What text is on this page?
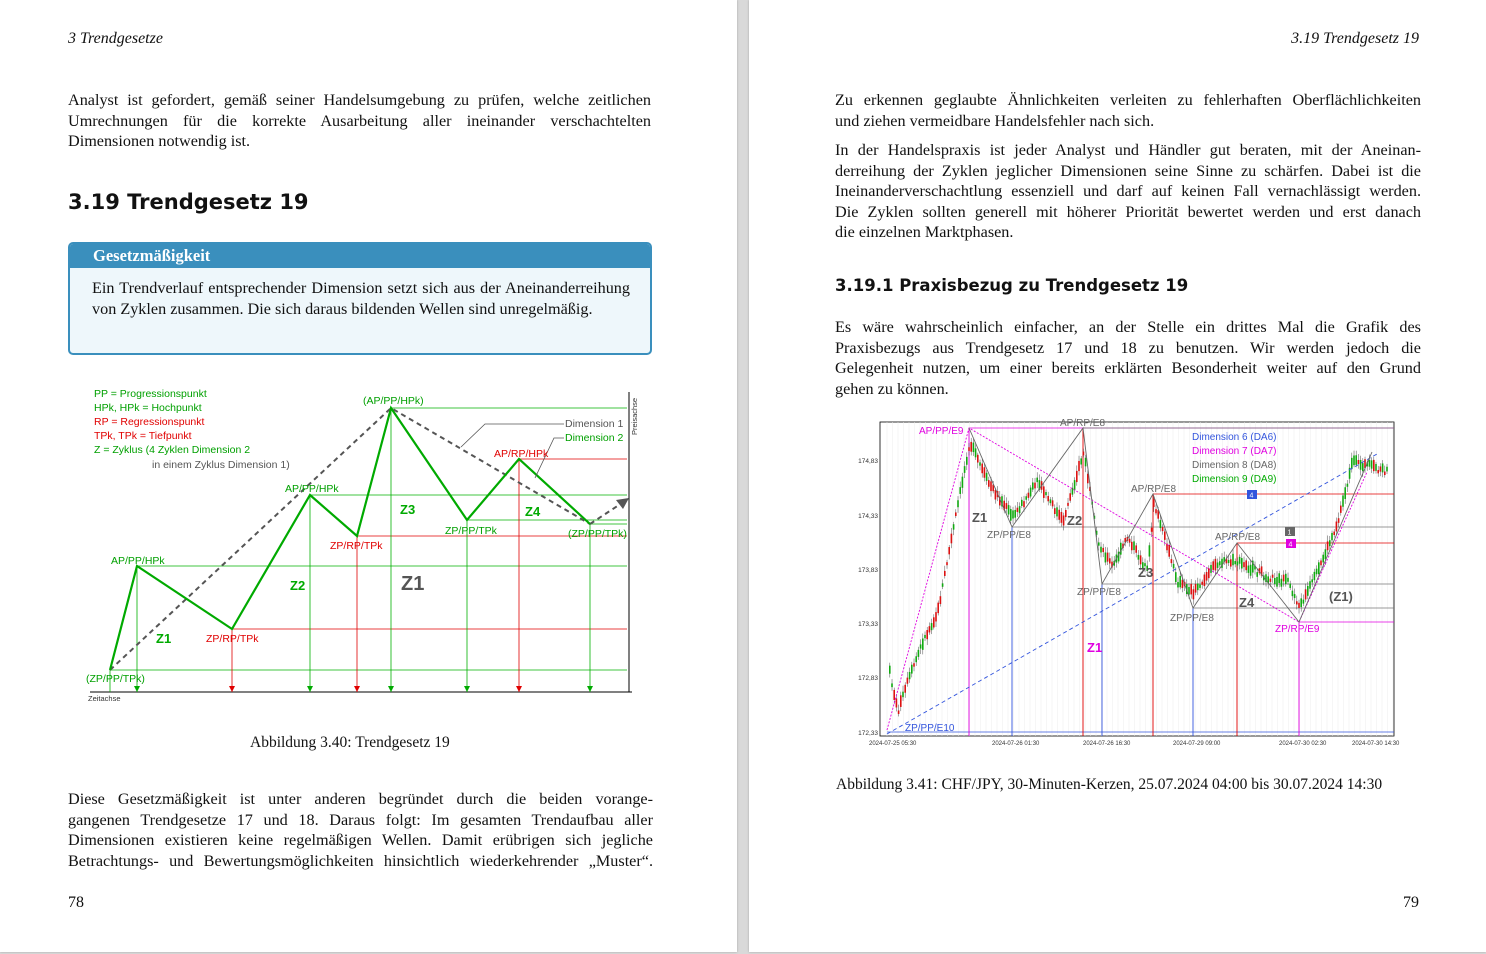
3 Trendgesetze
Analyst ist gefordert, gemäß seiner Handelsumgebung zu prüfen, welche zeitlichen
Umrechnungen für die korrekte Ausarbeitung aller ineinander verschachtelten
Dimensionen notwendig ist.
3.19 Trendgesetz 19
Gesetzmäßigkeit
Ein Trendverlauf entsprechender Dimension setzt sich aus der Aneinanderreihung von Zyklen zusammen. Die sich daraus bildenden Wellen sind unregelmäßig.
PP = Progressionspunkt
HPk, HPk = Hochpunkt
RP = Regressionspunkt
TPk, TPk = Tiefpunkt
Z = Zyklus (4 Zyklen Dimension 2
in einem Zyklus Dimension 1)
Zeitachse
Preisachse
Dimension 1
Dimension 2
(ZP/PP/TPk)
AP/PP/HPk
ZP/RP/TPk
AP/PP/HPk
ZP/RP/TPk
(AP/PP/HPk)
ZP/PP/TPk
AP/RP/HPk
(ZP/PP/TPk)
Z1
Z2
Z3	Z4
Z1
Abbildung 3.40: Trendgesetz 19
Diese Gesetzmäßigkeit ist unter anderen begründet durch die beiden vorange-
gangenen Trendgesetze 17 und 18. Daraus folgt: Im gesamten Trendaufbau aller
Dimensionen existieren keine regelmäßigen Wellen. Damit erübrigen sich jegliche
Betrachtungs- und Bewertungsmöglichkeiten hinsichtlich wiederkehrender „Muster“.
78
3.19 Trendgesetz 19
Zu erkennen geglaubte Ähnlichkeiten verleiten zu fehlerhaften Oberflächlichkeiten
und ziehen vermeidbare Handelsfehler nach sich.
In der Handelspraxis ist jeder Analyst und Händler gut beraten, mit der Aneinan-
derreihung der Zyklen jeglicher Dimensionen seine Sinne zu schärfen. Dabei ist die
Ineinanderverschachtlung essenziell und darf auf keinen Fall vernachlässigt werden.
Die Zyklen sollten generell mit höherer Priorität bewertet werden und erst danach
die einzelnen Marktphasen.
3.19.1 Praxisbezug zu Trendgesetz 19
Es wäre wahrscheinlich einfacher, an der Stelle ein drittes Mal die Grafik des
Praxisbezugs aus Trendgesetz 17 und 18 zu benutzen. Wir werden jedoch die
Gelegenheit nutzen, um einer bereits erklärten Besonderheit weiter auf den Grund
gehen zu können.
Dimension 6 (DA6)
Dimension 7 (DA7)
Dimension 8 (DA8)
Dimension 9 (DA9)
174,83
174,33
173,83
173,33
172,83
172,33
2024-07-25 05:30	2024-07-26 01:30	2024-07-26 16:30	2024-07-29 09:00	2024-07-30 02:30	2024-07-30 14:30
AP/PP/E9
AP/RP/E8
AP/RP/E8
AP/RP/E8
ZP/PP/E8
ZP/PP/E8
ZP/PP/E8
ZP/RP/E9
ZP/PP/E10
Z1	Z2
Z3
Z4	(Z1)
Z1
4
4
1
Abbildung 3.41: CHF/JPY, 30-Minuten-Kerzen, 25.07.2024 04:00 bis 30.07.2024 14:30
79
